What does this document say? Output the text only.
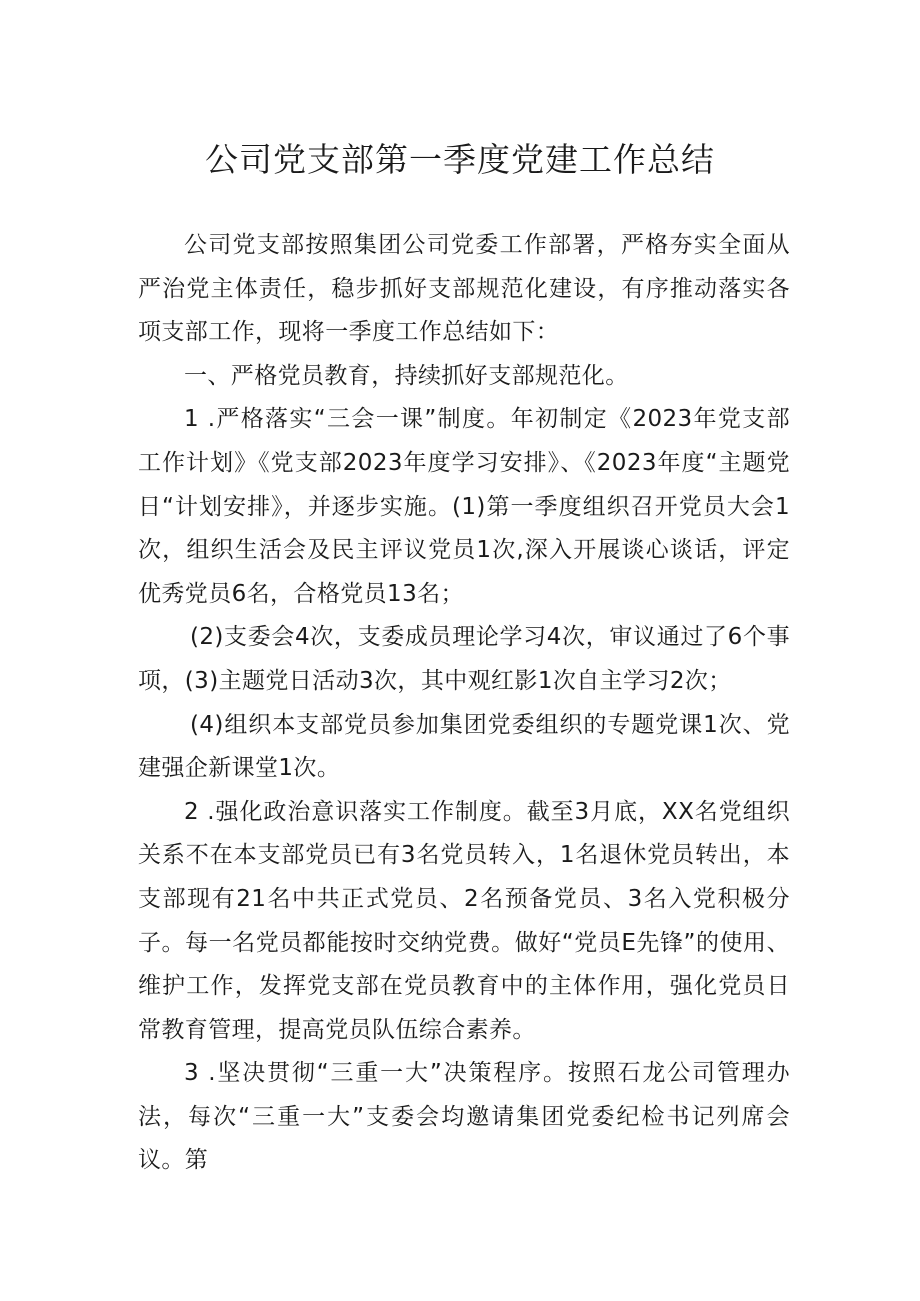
公司党支部第一季度党建工作总结

公司党支部按照集团公司党委工作部署，严格夯实全面从严治党主体责任，稳步抓好支部规范化建设，有序推动落实各项支部工作，现将一季度工作总结如下：

一、严格党员教育，持续抓好支部规范化。

1 .严格落实“三会一课”制度。年初制定《2023年党支部工作计划》《党支部2023年度学习安排》、《2023年度“主题党日“计划安排》，并逐步实施。(1)第一季度组织召开党员大会1次，组织生活会及民主评议党员1次,深入开展谈心谈话，评定优秀党员6名，合格党员13名；

(2)支委会4次，支委成员理论学习4次，审议通过了6个事项，(3)主题党日活动3次，其中观红影1次自主学习2次；

(4)组织本支部党员参加集团党委组织的专题党课1次、党建强企新课堂1次。

2 .强化政治意识落实工作制度。截至3月底，XX名党组织关系不在本支部党员已有3名党员转入，1名退休党员转出，本支部现有21名中共正式党员、2名预备党员、3名入党积极分子。每一名党员都能按时交纳党费。做好“党员E先锋”的使用、维护工作，发挥党支部在党员教育中的主体作用，强化党员日常教育管理，提高党员队伍综合素养。

3 .坚决贯彻“三重一大”决策程序。按照石龙公司管理办法，每次“三重一大”支委会均邀请集团党委纪检书记列席会议。第
